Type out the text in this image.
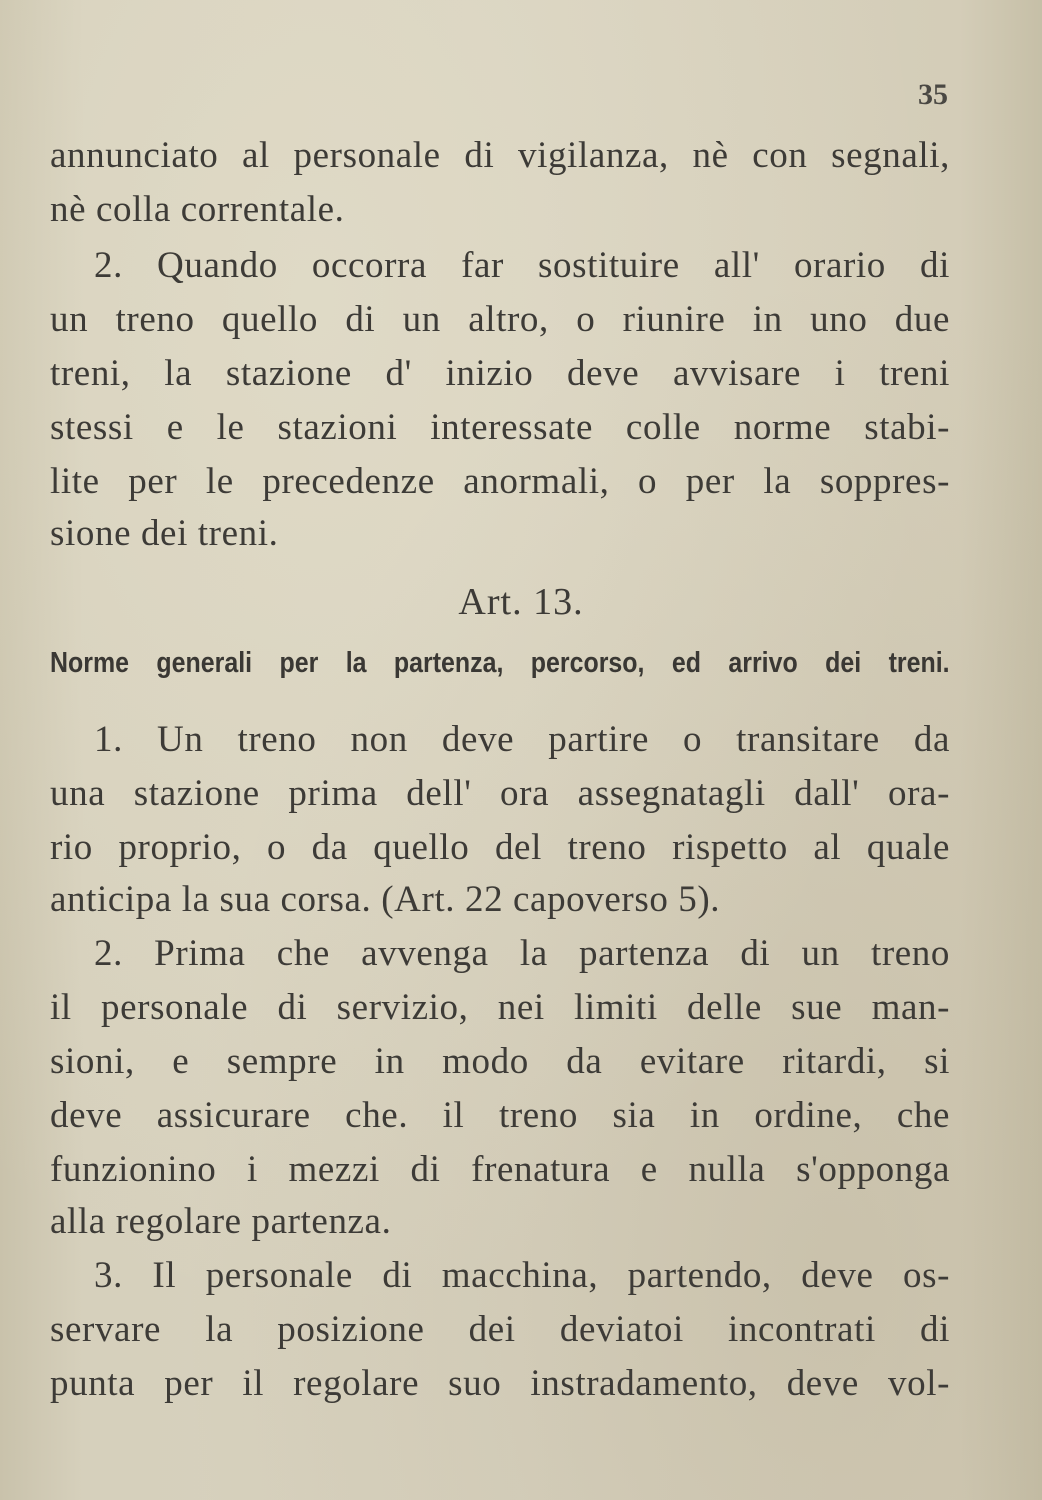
35

annunciato al personale di vigilanza, nè con segnali,

nè colla correntale.

2. Quando occorra far sostituire all' orario di

un treno quello di un altro, o riunire in uno due

treni, la stazione d' inizio deve avvisare i treni

stessi e le stazioni interessate colle norme stabi-

lite per le precedenze anormali, o per la soppres-

sione dei treni.

Art. 13.

Norme generali per la partenza, percorso, ed arrivo dei treni.

1. Un treno non deve partire o transitare da

una stazione prima dell' ora assegnatagli dall' ora-

rio proprio, o da quello del treno rispetto al quale

anticipa la sua corsa. (Art. 22 capoverso 5).

2. Prima che avvenga la partenza di un treno

il personale di servizio, nei limiti delle sue man-

sioni, e sempre in modo da evitare ritardi, si

deve assicurare che. il treno sia in ordine, che

funzionino i mezzi di frenatura e nulla s'opponga

alla regolare partenza.

3. Il personale di macchina, partendo, deve os-

servare la posizione dei deviatoi incontrati di

punta per il regolare suo instradamento, deve vol-
